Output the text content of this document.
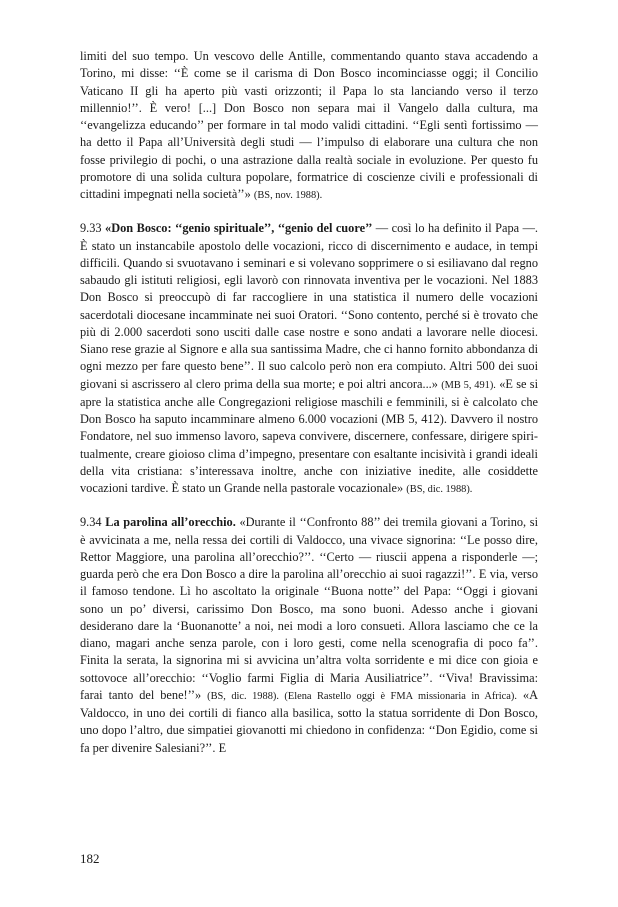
limiti del suo tempo. Un vescovo delle Antille, commentando quanto stava accadendo a Torino, mi disse: ‘‘È come se il carisma di Don Bosco incominciasse oggi; il Concilio Vaticano II gli ha aperto più vasti orizzonti; il Papa lo sta lanciando verso il terzo millennio!’’. È vero! [...] Don Bosco non separa mai il Vangelo dalla cultura, ma ‘‘evangelizza educando’’ per formare in tal modo validi cittadini. ‘‘Egli sentì fortissimo — ha detto il Papa all’Università degli studi — l’impulso di elaborare una cultura che non fosse privilegio di pochi, o una astrazione dalla realtà sociale in evoluzione. Per questo fu promotore di una solida cultura popolare, formatrice di coscienze civili e professionali di cittadini impegnati nella società’’» (BS, nov. 1988).

9.33 «Don Bosco: ‘‘genio spirituale’’, ‘‘genio del cuore’’ — così lo ha definito il Papa —. È stato un instancabile apostolo delle vocazioni, ricco di discernimento e audace, in tempi difficili. Quando si svuotavano i seminari e si volevano sopprimere o si esiliavano dal regno sabaudo gli istituti religiosi, egli lavorò con rinnovata inventiva per le vocazioni. Nel 1883 Don Bosco si preoccupò di far raccogliere in una statistica il numero delle vocazioni sacerdotali diocesane incamminate nei suoi Oratori. ‘‘Sono contento, perché si è trovato che più di 2.000 sacerdoti sono usciti dalle case nostre e sono andati a lavorare nelle diocesi. Siano rese grazie al Signore e alla sua santissima Madre, che ci hanno fornito abbondanza di ogni mezzo per fare questo bene’’. Il suo calcolo però non era compiuto. Altri 500 dei suoi giovani si ascrissero al clero prima della sua morte; e poi altri ancora...» (MB 5, 491). «E se si apre la statistica anche alle Congregazioni religiose maschili e femminili, si è calcolato che Don Bosco ha saputo incamminare almeno 6.000 vocazioni (MB 5, 412). Davvero il nostro Fondatore, nel suo immenso lavoro, sapeva convivere, discernere, confessare, dirigere spiritualmente, creare gioioso clima d’impegno, presentare con esaltante incisività i grandi ideali della vita cristiana: s’interessava inoltre, anche con iniziative inedite, alle cosiddette vocazioni tardive. È stato un Grande nella pastorale vocazionale» (BS, dic. 1988).

9.34 La parolina all’orecchio. «Durante il ‘‘Confronto 88’’ dei tremila giovani a Torino, si è avvicinata a me, nella ressa dei cortili di Valdocco, una vivace signorina: ‘‘Le posso dire, Rettor Maggiore, una parolina all’orecchio?’’. ‘‘Certo — riuscii appena a risponderle —; guarda però che era Don Bosco a dire la parolina all’orecchio ai suoi ragazzi!’’. E via, verso il famoso tendone. Lì ho ascoltato la originale ‘‘Buona notte’’ del Papa: ‘‘Oggi i giovani sono un po’ diversi, carissimo Don Bosco, ma sono buoni. Adesso anche i giovani desiderano dare la ‘Buonanotte’ a noi, nei modi a loro consueti. Allora lasciamo che ce la diano, magari anche senza parole, con i loro gesti, come nella scenografia di poco fa’’. Finita la serata, la signorina mi si avvicina un’altra volta sorridente e mi dice con gioia e sottovoce all’orecchio: ‘‘Voglio farmi Figlia di Maria Ausiliatrice’’. ‘‘Viva! Bravissima: farai tanto del bene!’’» (BS, dic. 1988). (Elena Rastello oggi è FMA missionaria in Africa). «A Valdocco, in uno dei cortili di fianco alla basilica, sotto la statua sorridente di Don Bosco, uno dopo l’altro, due simpatiei giovanotti mi chiedono in confidenza: ‘‘Don Egidio, come si fa per divenire Salesiani?’’. E

182
